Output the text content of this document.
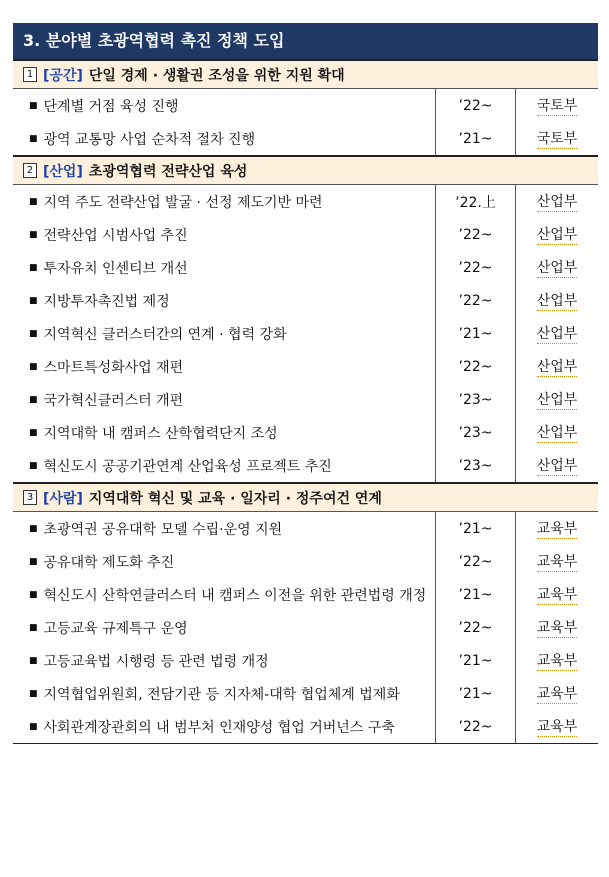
3. 분야별 초광역협력 촉진 정책 도입
1 [공간] 단일 경제 · 생활권 조성을 위한 지원 확대
■ 단계별 거점 육성 진행	’22~	국토부
■ 광역 교통망 사업 순차적 절차 진행	’21~	국토부
2 [산업] 초광역협력 전략산업 육성
■ 지역 주도 전략산업 발굴 · 선정 제도기반 마련	’22.上	산업부
■ 전략산업 시범사업 추진	’22~	산업부
■ 투자유치 인센티브 개선	’22~	산업부
■ 지방투자촉진법 제정	’22~	산업부
■ 지역혁신 클러스터간의 연계 · 협력 강화	’21~	산업부
■ 스마트특성화사업 재편	’22~	산업부
■ 국가혁신클러스터 개편	’23~	산업부
■ 지역대학 내 캠퍼스 산학협력단지 조성	’23~	산업부
■ 혁신도시 공공기관연계 산업육성 프로젝트 추진	’23~	산업부
3 [사람] 지역대학 혁신 및 교육 · 일자리 · 정주여건 연계
■ 초광역권 공유대학 모델 수립·운영 지원	’21~	교육부
■ 공유대학 제도화 추진	’22~	교육부
■ 혁신도시 산학연클러스터 내 캠퍼스 이전을 위한 관련법령 개정	’21~	교육부
■ 고등교육 규제특구 운영	’22~	교육부
■ 고등교육법 시행령 등 관련 법령 개정	’21~	교육부
■ 지역협업위원회, 전담기관 등 지자체-대학 협업체계 법제화	’21~	교육부
■ 사회관계장관회의 내 범부처 인재양성 협업 거버넌스 구축	’22~	교육부
